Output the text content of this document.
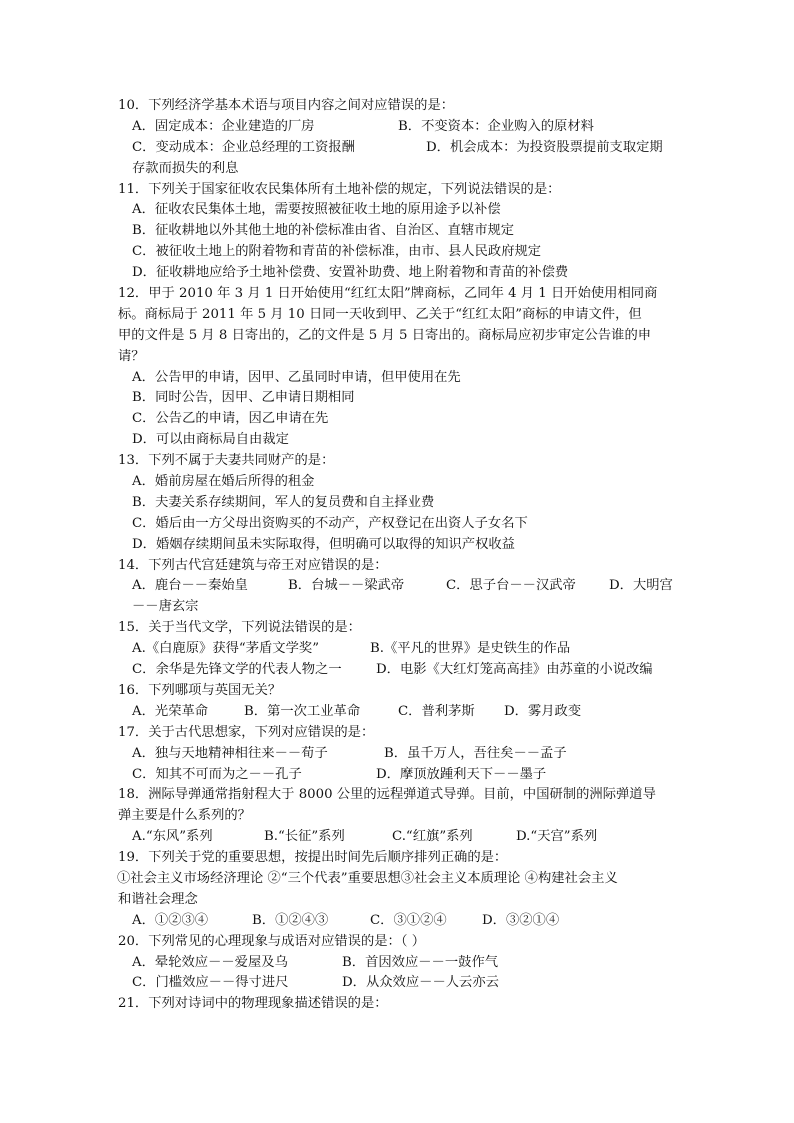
10．下列经济学基本术语与项目内容之间对应错误的是：
A．固定成本：企业建造的厂房	B．不变资本：企业购入的原材料
C．变动成本：企业总经理的工资报酬	D．机会成本：为投资股票提前支取定期
存款而损失的利息
11．下列关于国家征收农民集体所有土地补偿的规定，下列说法错误的是：
A．征收农民集体土地，需要按照被征收土地的原用途予以补偿
B．征收耕地以外其他土地的补偿标准由省、自治区、直辖市规定
C．被征收土地上的附着物和青苗的补偿标准，由市、县人民政府规定
D．征收耕地应给予土地补偿费、安置补助费、地上附着物和青苗的补偿费
12．甲于 2010 年 3 月 1 日开始使用“红红太阳”牌商标，乙同年 4 月 1 日开始使用相同商
标。商标局于 2011 年 5 月 10 日同一天收到甲、乙关于“红红太阳”商标的申请文件，但
甲的文件是 5 月 8 日寄出的，乙的文件是 5 月 5 日寄出的。商标局应初步审定公告谁的申
请？
A．公告甲的申请，因甲、乙虽同时申请，但甲使用在先
B．同时公告，因甲、乙申请日期相同
C．公告乙的申请，因乙申请在先
D．可以由商标局自由裁定
13．下列不属于夫妻共同财产的是：
A．婚前房屋在婚后所得的租金
B．夫妻关系存续期间，军人的复员费和自主择业费
C．婚后由一方父母出资购买的不动产，产权登记在出资人子女名下
D．婚姻存续期间虽未实际取得，但明确可以取得的知识产权收益
14．下列古代宫廷建筑与帝王对应错误的是：
A．鹿台－－秦始皇	B．台城－－梁武帝	C．思子台－－汉武帝 D．大明宫
－－唐玄宗
15．关于当代文学，下列说法错误的是：
A.《白鹿原》获得“茅盾文学奖”	B.《平凡的世界》是史铁生的作品
C．余华是先锋文学的代表人物之一	D．电影《大红灯笼高高挂》由苏童的小说改编
16．下列哪项与英国无关？
A．光荣革命	B．第一次工业革命	C．普利茅斯 D．雾月政变
17．关于古代思想家，下列对应错误的是：
A．独与天地精神相往来－－荀子	B．虽千万人，吾往矣－－孟子
C．知其不可而为之－－孔子	D．摩顶放踵利天下－－墨子
18．洲际导弹通常指射程大于 8000 公里的远程弹道式导弹。目前，中国研制的洲际弹道导
弹主要是什么系列的？
A.“东风”系列	B.“长征”系列	C.“红旗”系列	D.“天宫”系列
19．下列关于党的重要思想，按提出时间先后顺序排列正确的是：
①社会主义市场经济理论 ②“三个代表”重要思想③社会主义本质理论 ④构建社会主义
和谐社会理念
A．①②③④	B．①②④③	C．③①②④	D．③②①④
20．下列常见的心理现象与成语对应错误的是：（ ）
A．晕轮效应－－爱屋及乌	B．首因效应－－一鼓作气
C．门槛效应－－得寸进尺	D．从众效应－－人云亦云
21．下列对诗词中的物理现象描述错误的是：
